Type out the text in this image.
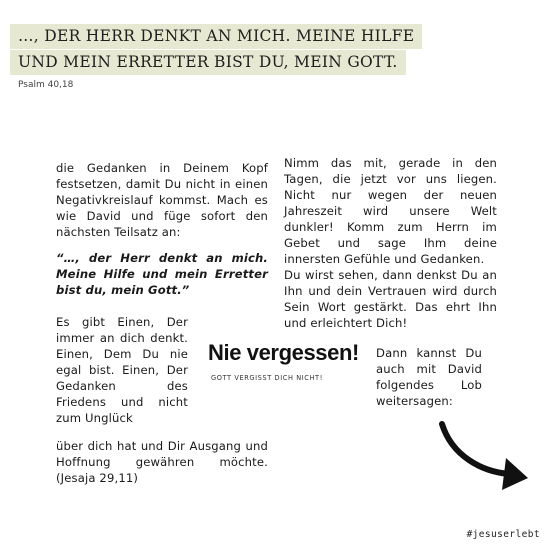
…, DER HERR DENKT AN MICH. MEINE HILFE
UND MEIN ERRETTER BIST DU, MEIN GOTT.
Psalm 40,18
die Gedanken in Deinem Kopf festsetzen, damit Du nicht in einen Negativkreislauf kommst. Mach es wie David und füge sofort den nächsten Teilsatz an:
“…, der Herr denkt an mich. Meine Hilfe und mein Erretter bist du, mein Gott.”
Es gibt Einen, Der immer an dich denkt. Einen, Dem Du nie egal bist. Einen, Der Gedanken des Friedens und nicht zum Unglück
über dich hat und Dir Ausgang und Hoffnung gewähren möchte. (Jesaja 29,11)
Nimm das mit, gerade in den Tagen, die jetzt vor uns liegen. Nicht nur wegen der neuen Jahreszeit wird unsere Welt dunkler! Komm zum Herrn im Gebet und sage Ihm deine innersten Gefühle und Gedanken.
Du wirst sehen, dann denkst Du an Ihn und dein Vertrauen wird durch Sein Wort gestärkt. Das ehrt Ihn und erleichtert Dich!
Dann kannst Du auch mit David folgendes Lob weitersagen:
Nie vergessen!
GOTT VERGISST DICH NICHT!
#jesuserlebt
